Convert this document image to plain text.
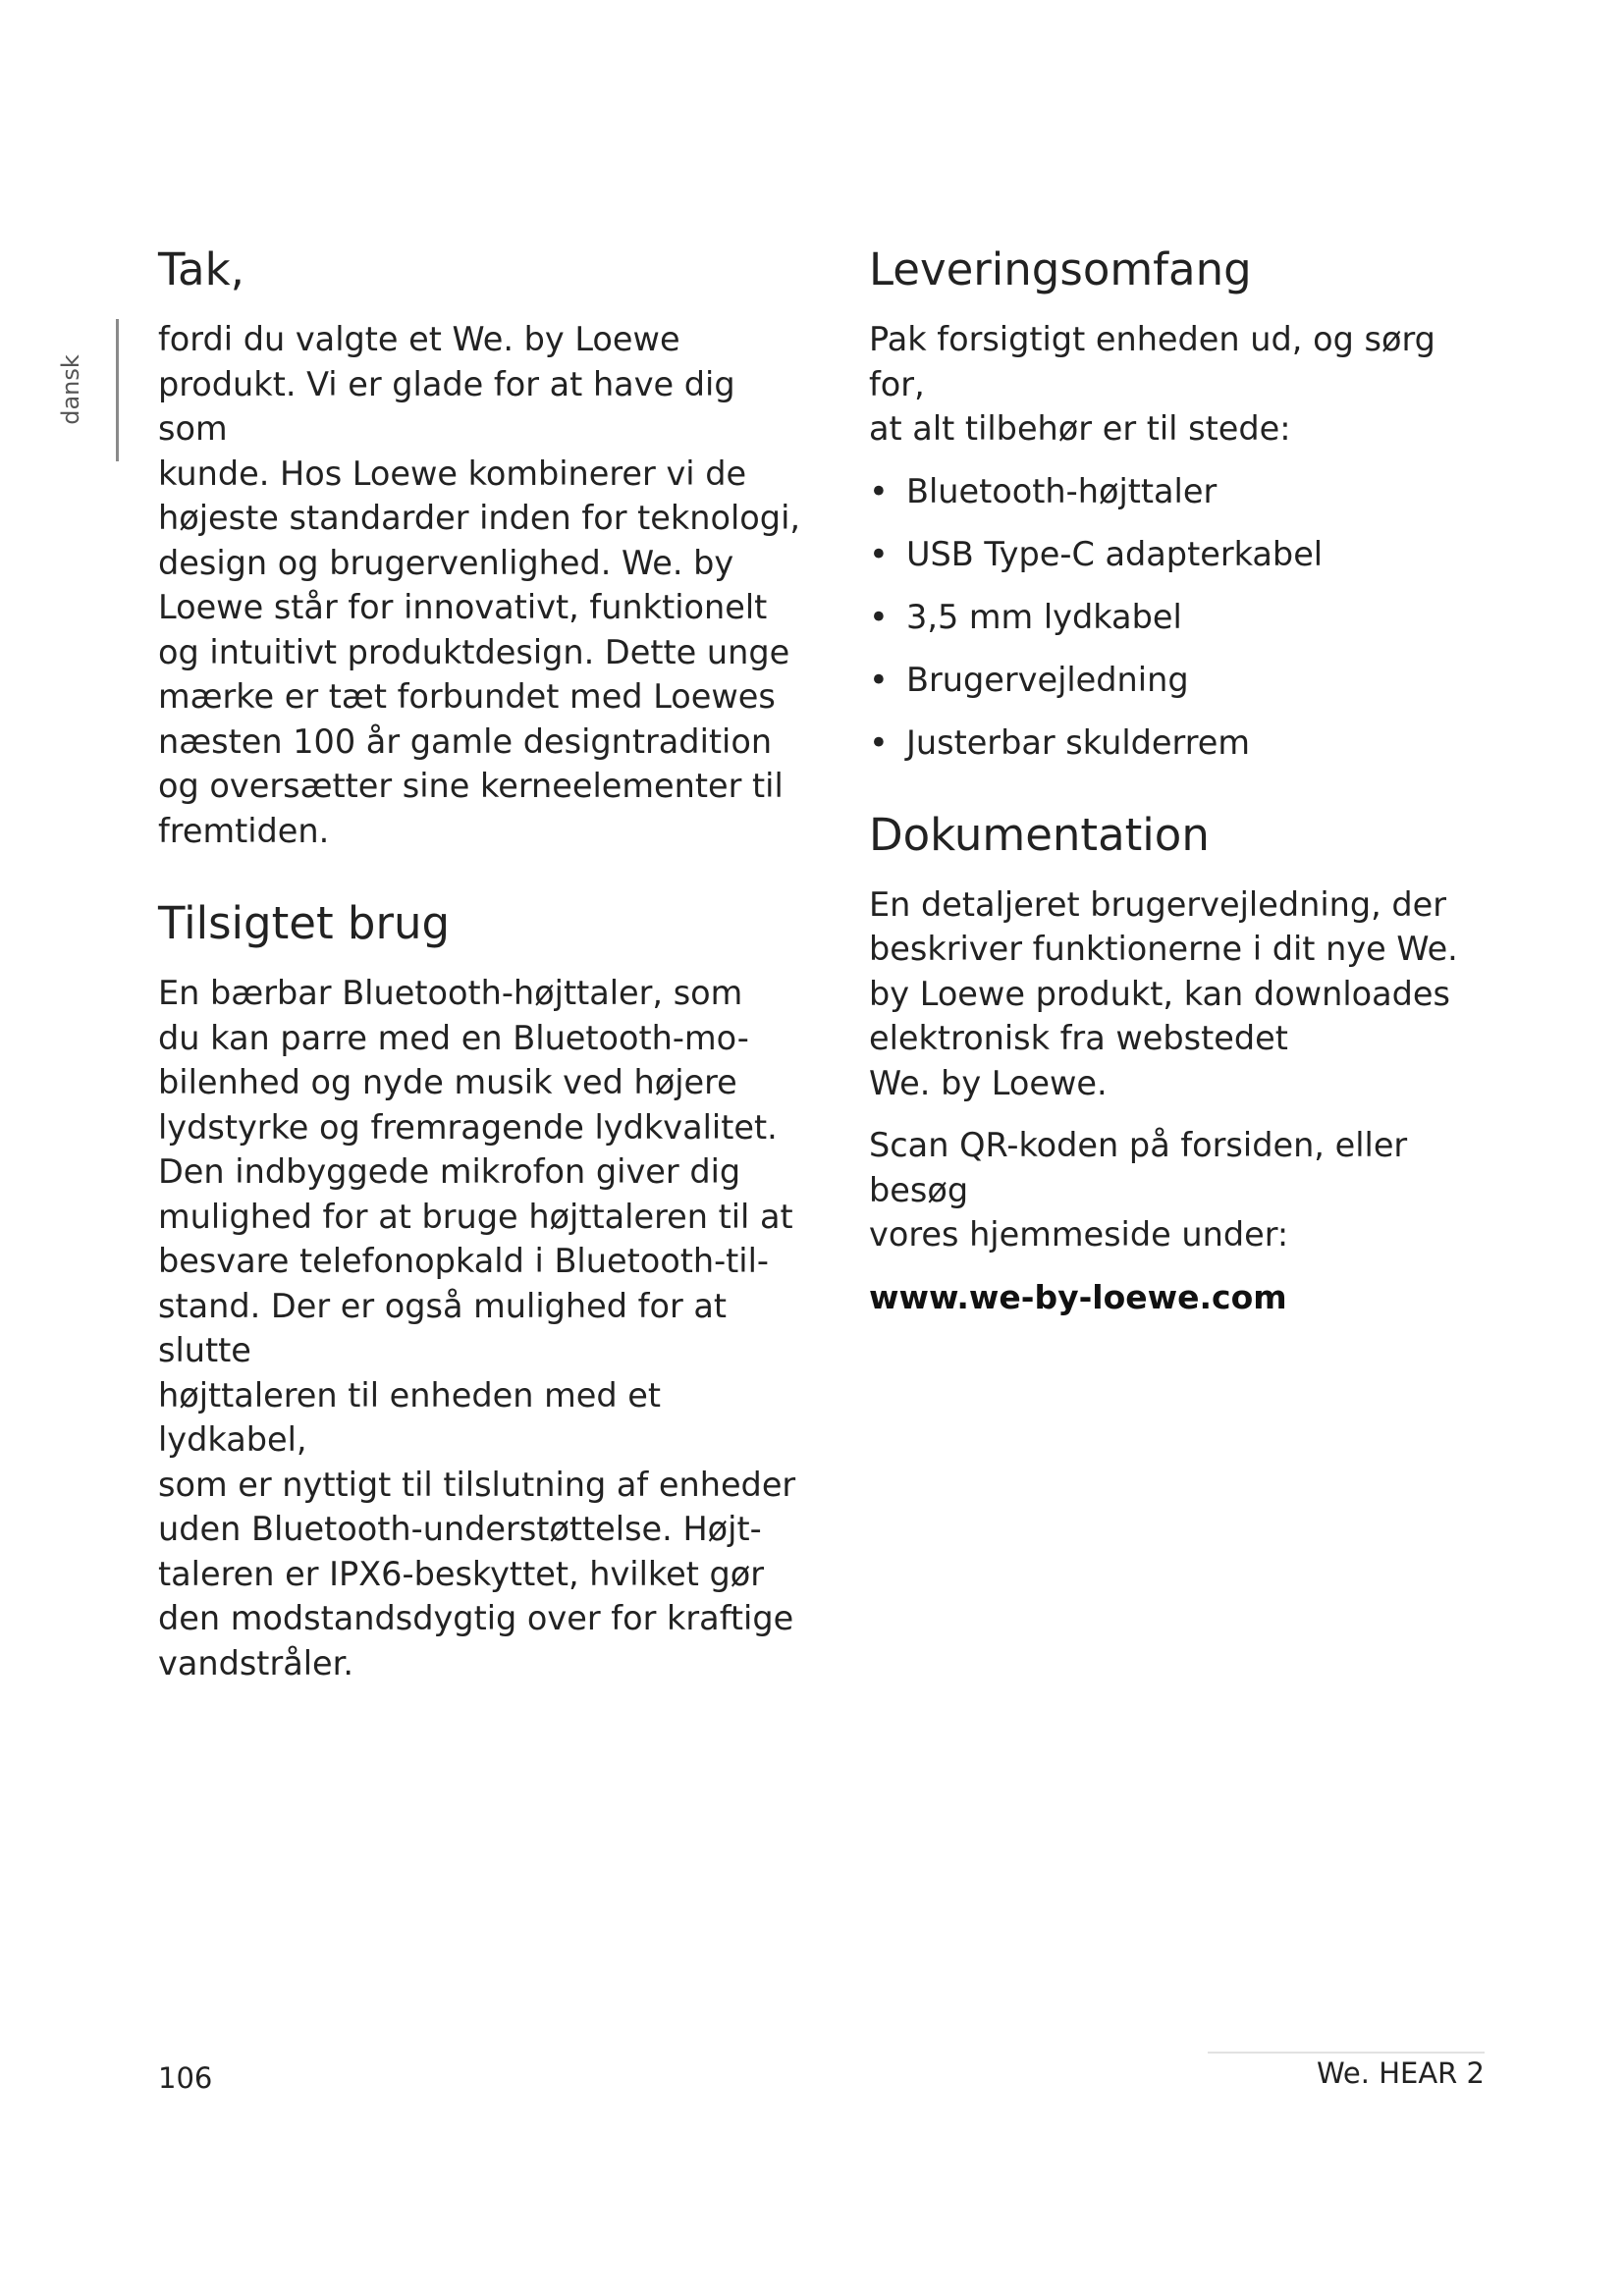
dansk
Tak,

fordi du valgte et We. by Loewe
produkt. Vi er glade for at have dig som
kunde. Hos Loewe kombinerer vi de
højeste standarder inden for teknologi,
design og brugervenlighed. We. by
Loewe står for innovativt, funktionelt
og intuitivt produktdesign. Dette unge
mærke er tæt forbundet med Loewes
næsten 100 år gamle designtradition
og oversætter sine kerneelementer til
fremtiden.

Tilsigtet brug

En bærbar Bluetooth-højttaler, som
du kan parre med en Bluetooth-mo-
bilenhed og nyde musik ved højere
lydstyrke og fremragende lydkvalitet.
Den indbyggede mikrofon giver dig
mulighed for at bruge højttaleren til at
besvare telefonopkald i Bluetooth-til-
stand. Der er også mulighed for at slutte
højttaleren til enheden med et lydkabel,
som er nyttigt til tilslutning af enheder
uden Bluetooth-understøttelse. Højt-
taleren er IPX6-beskyttet, hvilket gør
den modstandsdygtig over for kraftige
vandstråler.

Leveringsomfang

Pak forsigtigt enheden ud, og sørg for,
at alt tilbehør er til stede:

• Bluetooth-højttaler
• USB Type-C adapterkabel
• 3,5 mm lydkabel
• Brugervejledning
• Justerbar skulderrem
Dokumentation

En detaljeret brugervejledning, der
beskriver funktionerne i dit nye We.
by Loewe produkt, kan downloades
elektronisk fra webstedet
We. by Loewe.

Scan QR-koden på forsiden, eller besøg
vores hjemmeside under:

www.we-by-loewe.com
106	We. HEAR 2
